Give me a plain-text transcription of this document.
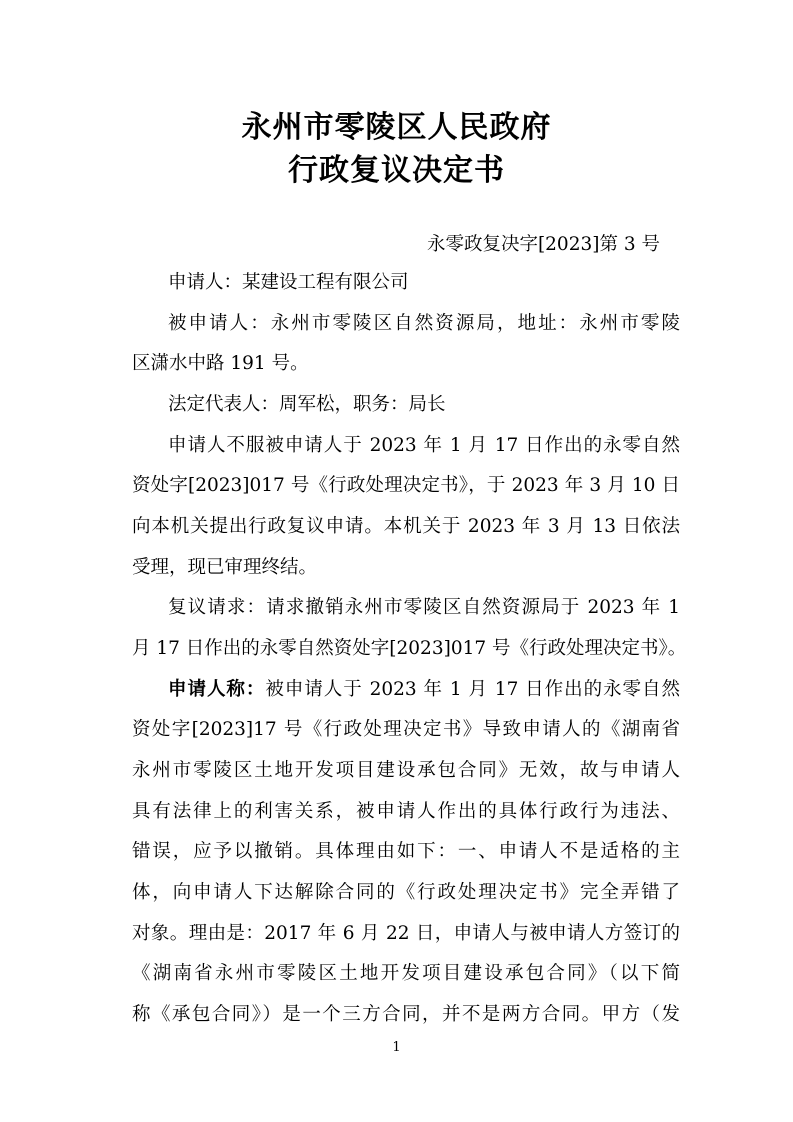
永州市零陵区人民政府
行政复议决定书
永零政复决字[2023]第 3 号
申请人：某建设工程有限公司
被申请人：永州市零陵区自然资源局，地址：永州市零陵
区潇水中路 191 号。
法定代表人：周军松，职务：局长
申请人不服被申请人于 2023 年 1 月 17 日作出的永零自然
资处字[2023]017 号《行政处理决定书》，于 2023 年 3 月 10 日
向本机关提出行政复议申请。本机关于 2023 年 3 月 13 日依法
受理，现已审理终结。
复议请求：请求撤销永州市零陵区自然资源局于 2023 年 1
月 17 日作出的永零自然资处字[2023]017 号《行政处理决定书》。
申请人称：被申请人于 2023 年 1 月 17 日作出的永零自然
资处字[2023]17 号《行政处理决定书》导致申请人的《湖南省
永州市零陵区土地开发项目建设承包合同》无效，故与申请人
具有法律上的利害关系，被申请人作出的具体行政行为违法、
错误，应予以撤销。具体理由如下：一、申请人不是适格的主
体，向申请人下达解除合同的《行政处理决定书》完全弄错了
对象。理由是：2017 年 6 月 22 日，申请人与被申请人方签订的
《湖南省永州市零陵区土地开发项目建设承包合同》（以下简
称《承包合同》）是一个三方合同，并不是两方合同。甲方（发
1
